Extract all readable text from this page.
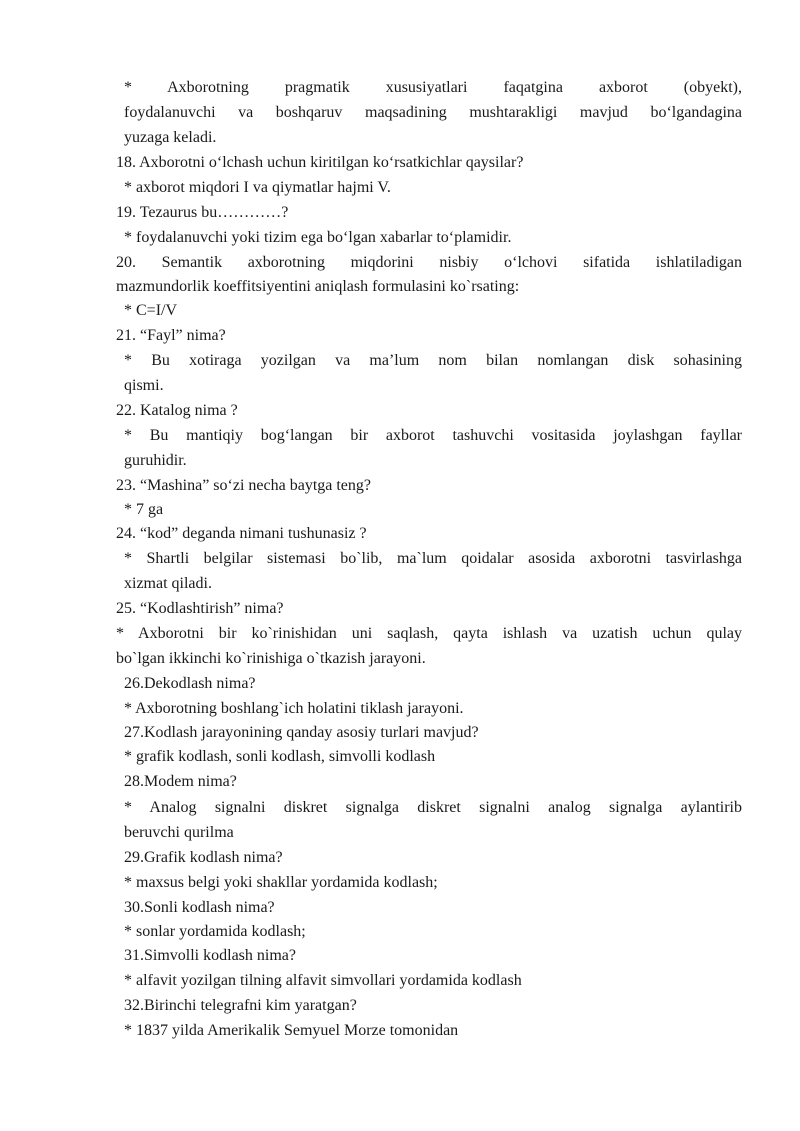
* Axborotning pragmatik xususiyatlari faqatgina axborot (obyekt),
foydalanuvchi va boshqaruv maqsadining mushtarakligi mavjud bo‘lgandagina
yuzaga keladi.
18. Axborotni o‘lchash uchun kiritilgan ko‘rsatkichlar qaysilar?
* axborot miqdori I va qiymatlar hajmi V.
19. Tezaurus bu…………?
* foydalanuvchi yoki tizim ega bo‘lgan xabarlar to‘plamidir.
20. Semantik axborotning miqdorini nisbiy o‘lchovi sifatida ishlatiladigan
mazmundorlik koeffitsiyentini aniqlash formulasini ko`rsating:
* C=I/V
21. “Fayl” nima?
* Bu xotiraga yozilgan va ma’lum nom bilan nomlangan disk sohasining
qismi.
22. Katalog nima ?
* Bu mantiqiy bog‘langan bir axborot tashuvchi vositasida joylashgan fayllar
guruhidir.
23. “Mashina” so‘zi necha baytga teng?
* 7 ga
24. “kod” deganda nimani tushunasiz ?
* Shartli belgilar sistemasi bo`lib, ma`lum qoidalar asosida axborotni tasvirlashga
xizmat qiladi.
25. “Kodlashtirish” nima?
* Axborotni bir ko`rinishidan uni saqlash, qayta ishlash va uzatish uchun qulay
bo`lgan ikkinchi ko`rinishiga o`tkazish jarayoni.
26.Dekodlash nima?
* Axborotning boshlang`ich holatini tiklash jarayoni.
27.Kodlash jarayonining qanday asosiy turlari mavjud?
* grafik kodlash, sonli kodlash, simvolli kodlash
28.Modem nima?
* Analog signalni diskret signalga diskret signalni analog signalga aylantirib
beruvchi qurilma
29.Grafik kodlash nima?
* maxsus belgi yoki shakllar yordamida kodlash;
30.Sonli kodlash nima?
* sonlar yordamida kodlash;
31.Simvolli kodlash nima?
* alfavit yozilgan tilning alfavit simvollari yordamida kodlash
32.Birinchi telegrafni kim yaratgan?
* 1837 yilda Amerikalik Semyuel Morze tomonidan
